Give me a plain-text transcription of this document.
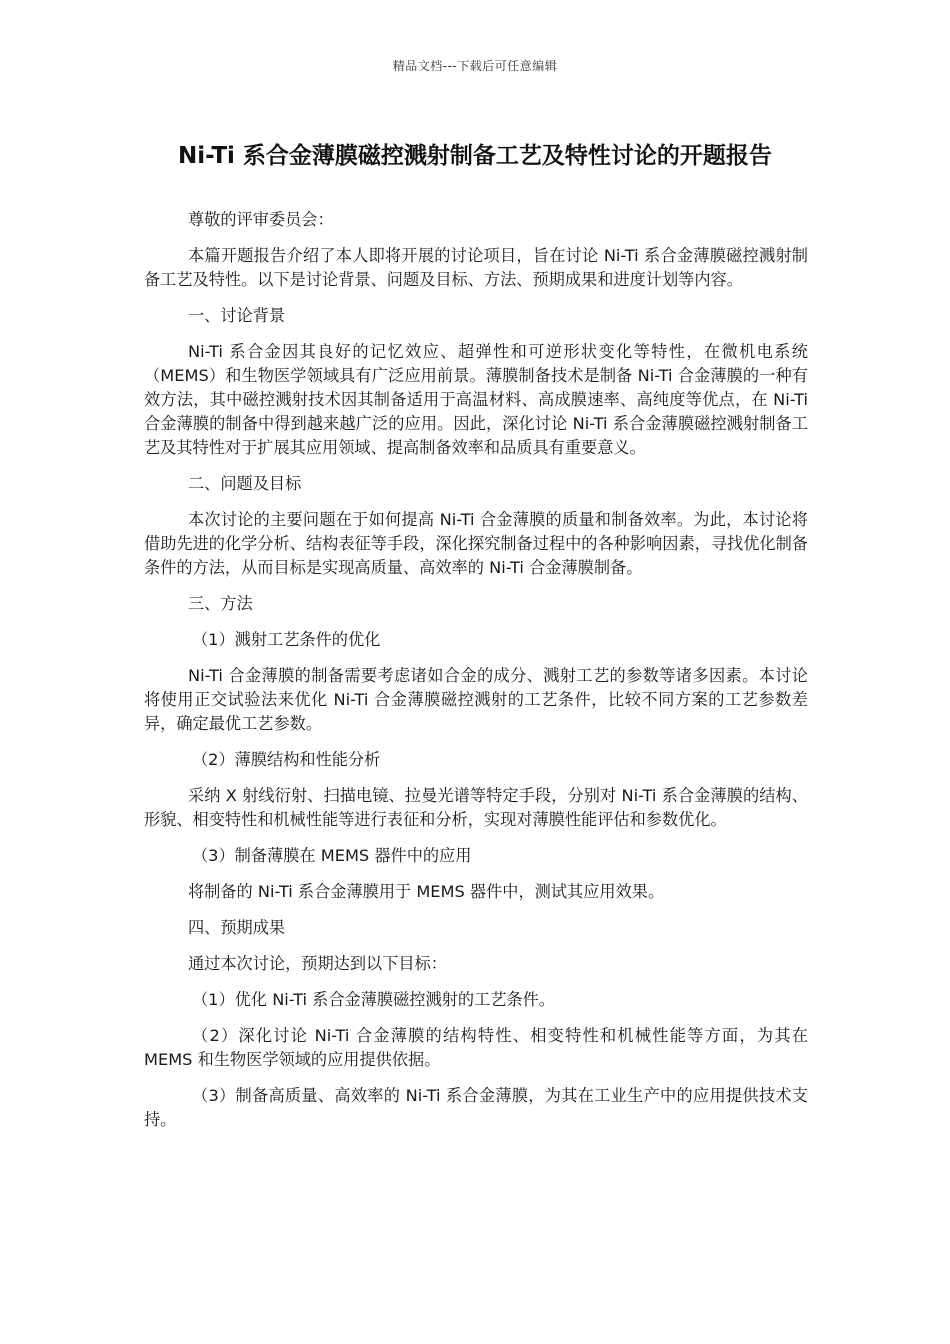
精品文档---下载后可任意编辑
Ni-Ti 系合金薄膜磁控溅射制备工艺及特性讨论的开题报告

尊敬的评审委员会：

本篇开题报告介绍了本人即将开展的讨论项目，旨在讨论 Ni-Ti 系合金薄膜磁控溅射制备工艺及特性。以下是讨论背景、问题及目标、方法、预期成果和进度计划等内容。

一、讨论背景

Ni-Ti 系合金因其良好的记忆效应、超弹性和可逆形状变化等特性，在微机电系统（MEMS）和生物医学领域具有广泛应用前景。薄膜制备技术是制备 Ni-Ti 合金薄膜的一种有效方法，其中磁控溅射技术因其制备适用于高温材料、高成膜速率、高纯度等优点，在 Ni-Ti 合金薄膜的制备中得到越来越广泛的应用。因此，深化讨论 Ni-Ti 系合金薄膜磁控溅射制备工艺及其特性对于扩展其应用领域、提高制备效率和品质具有重要意义。

二、问题及目标

本次讨论的主要问题在于如何提高 Ni-Ti 合金薄膜的质量和制备效率。为此，本讨论将借助先进的化学分析、结构表征等手段，深化探究制备过程中的各种影响因素，寻找优化制备条件的方法，从而目标是实现高质量、高效率的 Ni-Ti 合金薄膜制备。

三、方法

（1）溅射工艺条件的优化

Ni-Ti 合金薄膜的制备需要考虑诸如合金的成分、溅射工艺的参数等诸多因素。本讨论将使用正交试验法来优化 Ni-Ti 合金薄膜磁控溅射的工艺条件，比较不同方案的工艺参数差异，确定最优工艺参数。

（2）薄膜结构和性能分析

采纳 X 射线衍射、扫描电镜、拉曼光谱等特定手段，分别对 Ni-Ti 系合金薄膜的结构、形貌、相变特性和机械性能等进行表征和分析，实现对薄膜性能评估和参数优化。

（3）制备薄膜在 MEMS 器件中的应用

将制备的 Ni-Ti 系合金薄膜用于 MEMS 器件中，测试其应用效果。

四、预期成果

通过本次讨论，预期达到以下目标：

（1）优化 Ni-Ti 系合金薄膜磁控溅射的工艺条件。

（2）深化讨论 Ni-Ti 合金薄膜的结构特性、相变特性和机械性能等方面，为其在 MEMS 和生物医学领域的应用提供依据。

（3）制备高质量、高效率的 Ni-Ti 系合金薄膜，为其在工业生产中的应用提供技术支持。
